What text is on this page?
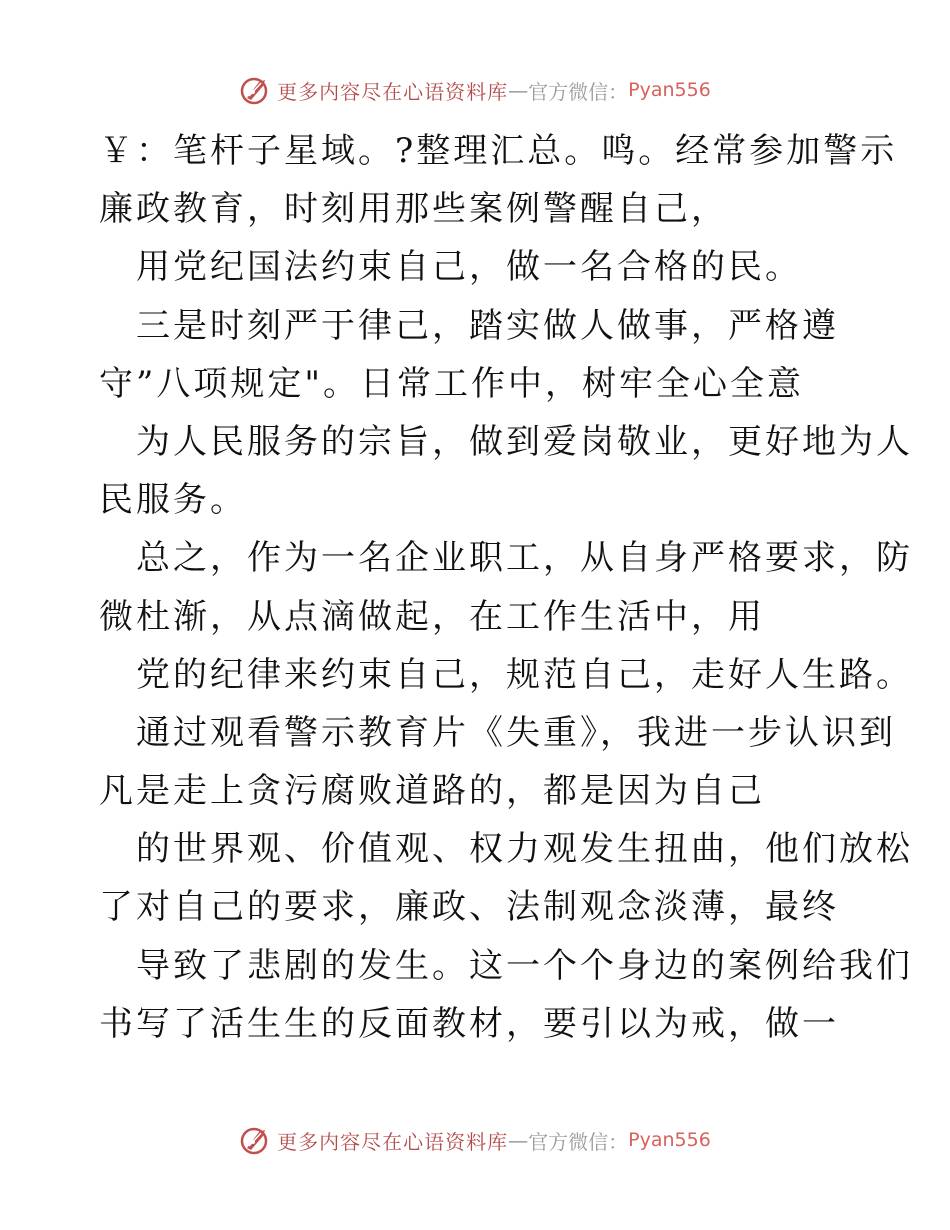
更多内容尽在心语资料库 — 官方微信： Pyan556
￥：笔杆子星域。?整理汇总。鸣。经常参加警示
廉政教育，时刻用那些案例警醒自己，
用党纪国法约束自己，做一名合格的民。
三是时刻严于律己，踏实做人做事，严格遵
守”八项规定"。日常工作中，树牢全心全意
为人民服务的宗旨，做到爱岗敬业，更好地为人
民服务。
总之，作为一名企业职工，从自身严格要求，防
微杜渐，从点滴做起，在工作生活中，用
党的纪律来约束自己，规范自己，走好人生路。
通过观看警示教育片《失重》，我进一步认识到
凡是走上贪污腐败道路的，都是因为自己
的世界观、价值观、权力观发生扭曲，他们放松
了对自己的要求，廉政、法制观念淡薄，最终
导致了悲剧的发生。这一个个身边的案例给我们
书写了活生生的反面教材，要引以为戒，做一
更多内容尽在心语资料库 — 官方微信： Pyan556
